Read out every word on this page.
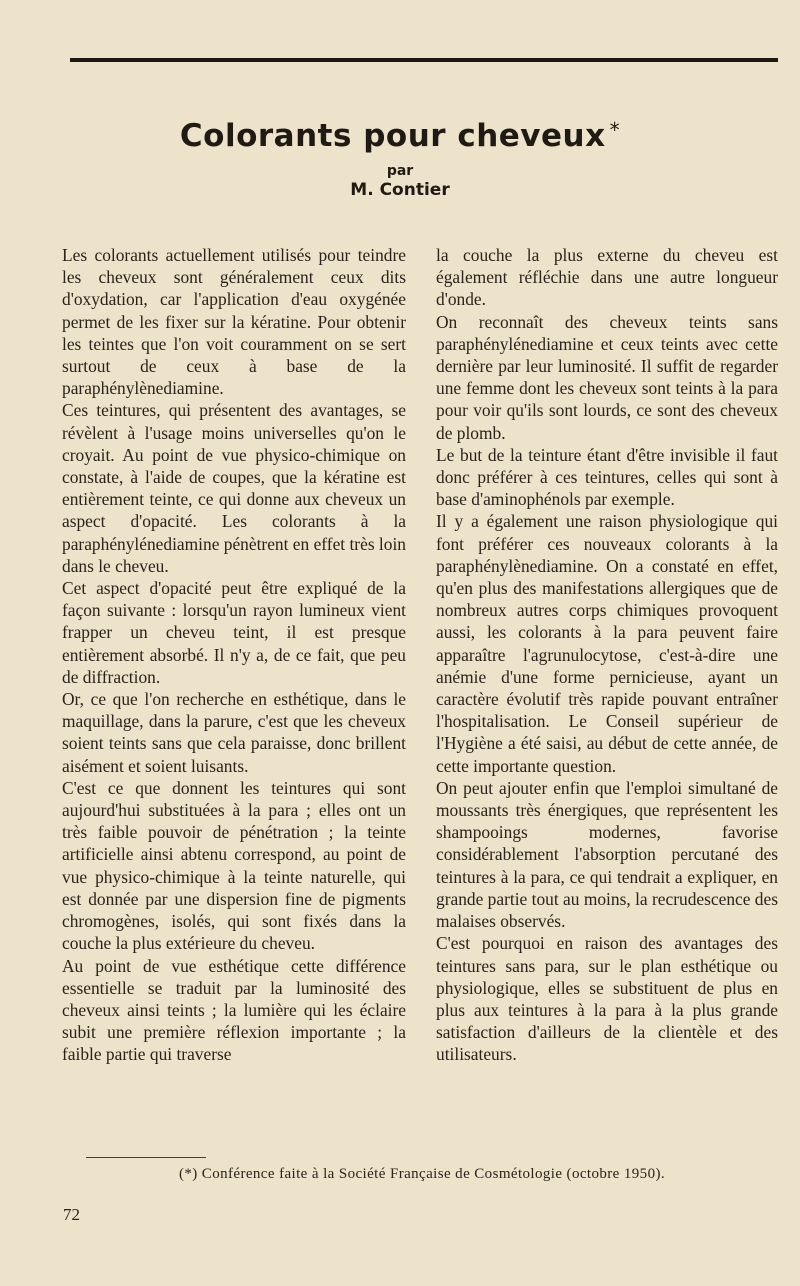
Colorants pour cheveux *
par
M. Contier

Les colorants actuellement utilisés pour teindre les cheveux sont généralement ceux dits d'oxydation, car l'application d'eau oxygénée permet de les fixer sur la kératine. Pour obtenir les teintes que l'on voit couramment on se sert surtout de ceux à base de la paraphénylènediamine.

Ces teintures, qui présentent des avantages, se révèlent à l'usage moins universelles qu'on le croyait. Au point de vue physico-chimique on constate, à l'aide de coupes, que la kératine est entièrement teinte, ce qui donne aux cheveux un aspect d'opacité. Les colorants à la paraphénylénediamine pénètrent en effet très loin dans le cheveu.

Cet aspect d'opacité peut être expliqué de la façon suivante : lorsqu'un rayon lumineux vient frapper un cheveu teint, il est presque entièrement absorbé. Il n'y a, de ce fait, que peu de diffraction.

Or, ce que l'on recherche en esthétique, dans le maquillage, dans la parure, c'est que les cheveux soient teints sans que cela paraisse, donc brillent aisément et soient luisants.

C'est ce que donnent les teintures qui sont aujourd'hui substituées à la para ; elles ont un très faible pouvoir de pénétration ; la teinte artificielle ainsi abtenu correspond, au point de vue physico-chimique à la teinte naturelle, qui est donnée par une dispersion fine de pigments chromogènes, isolés, qui sont fixés dans la couche la plus extérieure du cheveu.

Au point de vue esthétique cette différence essentielle se traduit par la luminosité des cheveux ainsi teints ; la lumière qui les éclaire subit une première réflexion importante ; la faible partie qui traverse

la couche la plus externe du cheveu est également réfléchie dans une autre longueur d'onde.

On reconnaît des cheveux teints sans paraphénylénediamine et ceux teints avec cette dernière par leur luminosité. Il suffit de regarder une femme dont les cheveux sont teints à la para pour voir qu'ils sont lourds, ce sont des cheveux de plomb.

Le but de la teinture étant d'être invisible il faut donc préférer à ces teintures, celles qui sont à base d'aminophénols par exemple.

Il y a également une raison physiologique qui font préférer ces nouveaux colorants à la paraphénylènediamine. On a constaté en effet, qu'en plus des manifestations allergiques que de nombreux autres corps chimiques provoquent aussi, les colorants à la para peuvent faire apparaître l'agrunulocytose, c'est-à-dire une anémie d'une forme pernicieuse, ayant un caractère évolutif très rapide pouvant entraîner l'hospitalisation. Le Conseil supérieur de l'Hygiène a été saisi, au début de cette année, de cette importante question.

On peut ajouter enfin que l'emploi simultané de moussants très énergiques, que représentent les shampooings modernes, favorise considérablement l'absorption percutané des teintures à la para, ce qui tendrait a expliquer, en grande partie tout au moins, la recrudescence des malaises observés.

C'est pourquoi en raison des avantages des teintures sans para, sur le plan esthétique ou physiologique, elles se substituent de plus en plus aux teintures à la para à la plus grande satisfaction d'ailleurs de la clientèle et des utilisateurs.

(*) Conférence faite à la Société Française de Cosmétologie (octobre 1950).
72
